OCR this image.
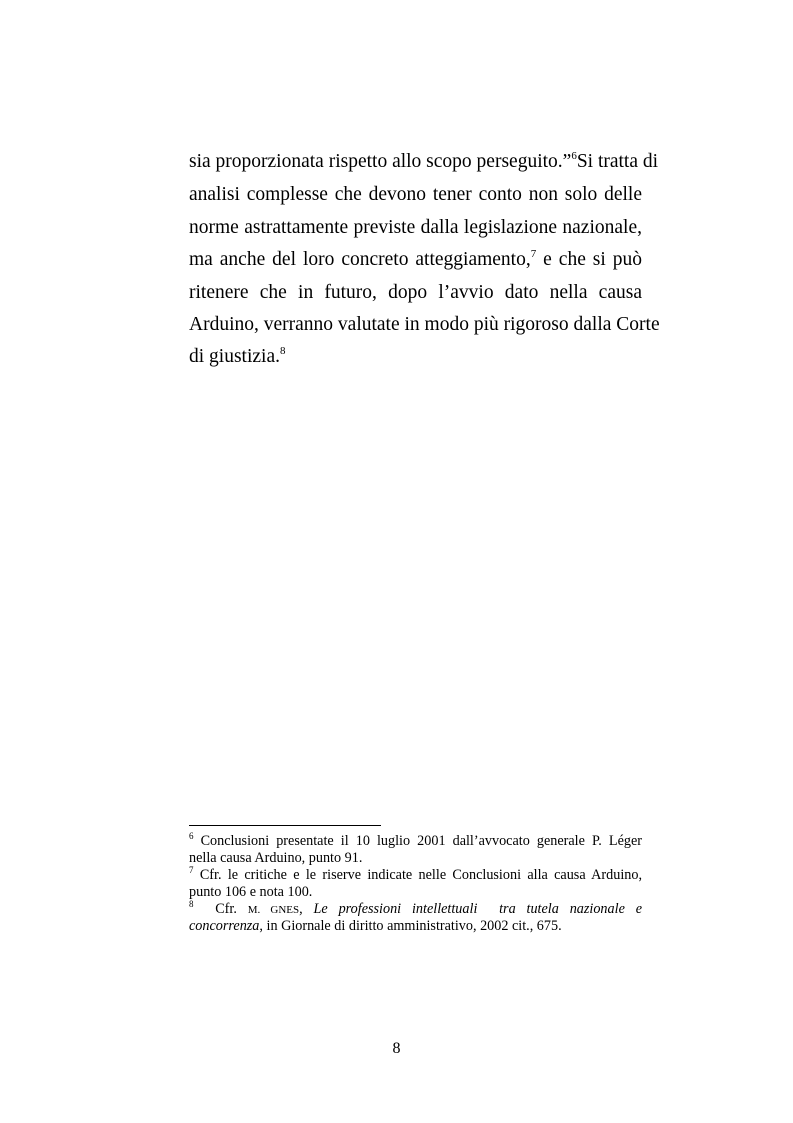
sia proporzionata rispetto allo scopo perseguito.”$^6$Si tratta di
analisi complesse che devono tener conto non solo delle
norme astrattamente previste dalla legislazione nazionale,
ma anche del loro concreto atteggiamento,$^7$ e che si può
ritenere che in futuro, dopo l’avvio dato nella causa
Arduino, verranno valutate in modo più rigoroso dalla Corte
di giustizia.$^8$
$^6$ Conclusioni presentate il 10 luglio 2001 dall’avvocato generale P. Léger
nella causa Arduino, punto 91.
$^7$ Cfr. le critiche e le riserve indicate nelle Conclusioni alla causa Arduino,
punto 106 e nota 100.
$^8$  Cfr. M. GNES, Le professioni intellettuali  tra tutela nazionale e
concorrenza, in Giornale di diritto amministrativo, 2002 cit., 675.
8
